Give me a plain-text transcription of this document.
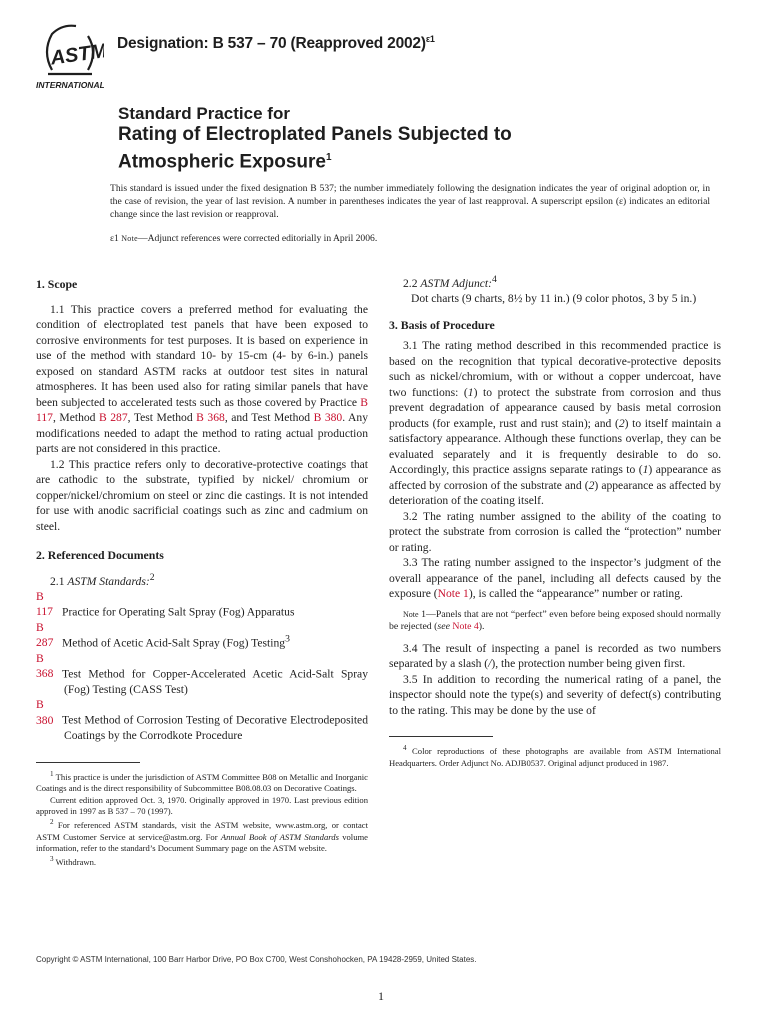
ASTM
INTERNATIONAL
Designation: B 537 – 70 (Reapproved 2002)$^{\varepsilon 1}$
Standard Practice for
Rating of Electroplated Panels Subjected to
Atmospheric Exposure$^1$
This standard is issued under the fixed designation B 537; the number immediately following the designation indicates the year of original adoption or, in the case of revision, the year of last revision. A number in parentheses indicates the year of last reapproval. A superscript epsilon (ε) indicates an editorial change since the last revision or reapproval.
ε1 Note—Adjunct references were corrected editorially in April 2006.

1. Scope

1.1 This practice covers a preferred method for evaluating the condition of electroplated test panels that have been exposed to corrosive environments for test purposes. It is based on experience in use of the method with standard 10- by 15-cm (4- by 6-in.) panels exposed on standard ASTM racks at outdoor test sites in natural atmospheres. It has been used also for rating similar panels that have been subjected to accelerated tests such as those covered by Practice B 117, Method B 287, Test Method B 368, and Test Method B 380. Any modifications needed to adapt the method to rating actual production parts are not considered in this practice.

1.2 This practice refers only to decorative-protective coatings that are cathodic to the substrate, typified by nickel/ chromium or copper/nickel/chromium on steel or zinc die castings. It is not intended for use with anodic sacrificial coatings such as zinc and cadmium on steel.

2. Referenced Documents

2.1 ASTM Standards:$^2$

B 117 Practice for Operating Salt Spray (Fog) Apparatus

B 287 Method of Acetic Acid-Salt Spray (Fog) Testing$^3$

B 368 Test Method for Copper-Accelerated Acetic Acid-Salt Spray (Fog) Testing (CASS Test)

B 380 Test Method of Corrosion Testing of Decorative Electrodeposited Coatings by the Corrodkote Procedure

$^1$ This practice is under the jurisdiction of ASTM Committee B08 on Metallic and Inorganic Coatings and is the direct responsibility of Subcommittee B08.08.03 on Decorative Coatings.

Current edition approved Oct. 3, 1970. Originally approved in 1970. Last previous edition approved in 1997 as B 537 – 70 (1997).

$^2$ For referenced ASTM standards, visit the ASTM website, www.astm.org, or contact ASTM Customer Service at service@astm.org. For Annual Book of ASTM Standards volume information, refer to the standard’s Document Summary page on the ASTM website.

$^3$ Withdrawn.

2.2 ASTM Adjunct:$^4$

Dot charts (9 charts, 8½ by 11 in.) (9 color photos, 3 by 5 in.)

3. Basis of Procedure

3.1 The rating method described in this recommended practice is based on the recognition that typical decorative-protective deposits such as nickel/chromium, with or without a copper undercoat, have two functions: (1) to protect the substrate from corrosion and thus prevent degradation of appearance caused by basis metal corrosion products (for example, rust and rust stain); and (2) to itself maintain a satisfactory appearance. Although these functions overlap, they can be evaluated separately and it is frequently desirable to do so. Accordingly, this practice assigns separate ratings to (1) appearance as affected by corrosion of the substrate and (2) appearance as affected by deterioration of the coating itself.

3.2 The rating number assigned to the ability of the coating to protect the substrate from corrosion is called the “protection” number or rating.

3.3 The rating number assigned to the inspector’s judgment of the overall appearance of the panel, including all defects caused by the exposure (Note 1), is called the “appearance” number or rating.

Note 1—Panels that are not “perfect” even before being exposed should normally be rejected (see Note 4).

3.4 The result of inspecting a panel is recorded as two numbers separated by a slash (/), the protection number being given first.

3.5 In addition to recording the numerical rating of a panel, the inspector should note the type(s) and severity of defect(s) contributing to the rating. This may be done by the use of

$^4$ Color reproductions of these photographs are available from ASTM International Headquarters. Order Adjunct No. ADJB0537. Original adjunct produced in 1987.

Copyright © ASTM International, 100 Barr Harbor Drive, PO Box C700, West Conshohocken, PA 19428-2959, United States.
1
